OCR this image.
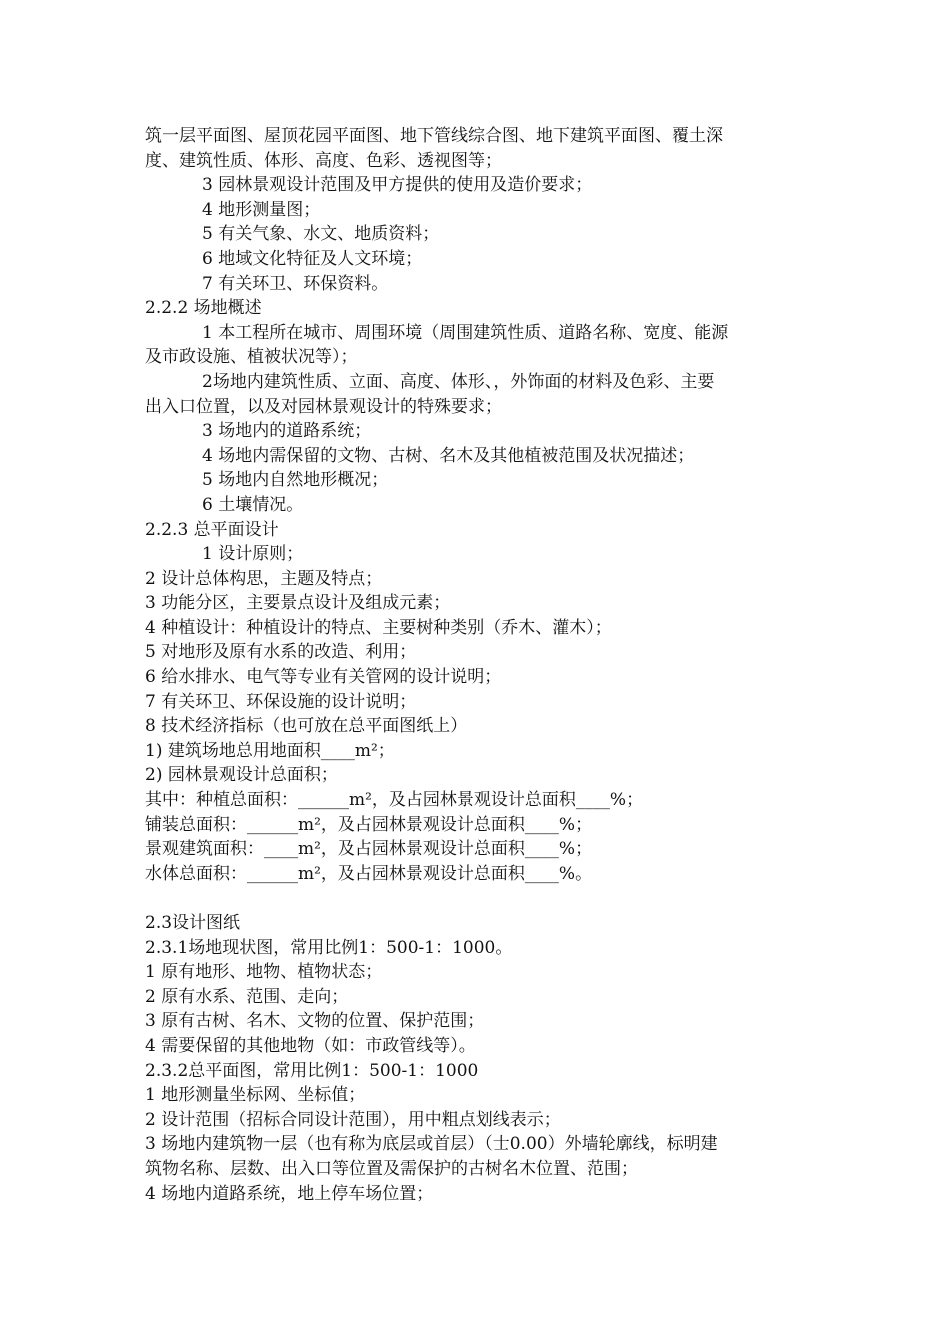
筑一层平面图、屋顶花园平面图、地下管线综合图、地下建筑平面图、覆土深
度、建筑性质、体形、高度、色彩、透视图等；
3 园林景观设计范围及甲方提供的使用及造价要求；
4 地形测量图；
5 有关气象、水文、地质资料；
6 地域文化特征及人文环境；
7 有关环卫、环保资料。
2.2.2 场地概述
1 本工程所在城市、周围环境（周围建筑性质、道路名称、宽度、能源
及市政设施、植被状况等）；
2场地内建筑性质、立面、高度、体形、，外饰面的材料及色彩、主要
出入口位置，以及对园林景观设计的特殊要求；
3 场地内的道路系统；
4 场地内需保留的文物、古树、名木及其他植被范围及状况描述；
5 场地内自然地形概况；
6 土壤情况。
2.2.3 总平面设计
1 设计原则；
2 设计总体构思，主题及特点；
3 功能分区，主要景点设计及组成元素；
4 种植设计：种植设计的特点、主要树种类别（乔木、灌木）；
5 对地形及原有水系的改造、利用；
6 给水排水、电气等专业有关管网的设计说明；
7 有关环卫、环保设施的设计说明；
8 技术经济指标（也可放在总平面图纸上）
1) 建筑场地总用地面积____m²；
2) 园林景观设计总面积；
其中：种植总面积：______m²，及占园林景观设计总面积____%；
铺装总面积：______m²，及占园林景观设计总面积____%；
景观建筑面积：____m²，及占园林景观设计总面积____%；
水体总面积：______m²，及占园林景观设计总面积____%。
2.3设计图纸
2.3.1场地现状图，常用比例1：500-1：1000。
1 原有地形、地物、植物状态；
2 原有水系、范围、走向；
3 原有古树、名木、文物的位置、保护范围；
4 需要保留的其他地物（如：市政管线等）。
2.3.2总平面图，常用比例1：500-1：1000
1 地形测量坐标网、坐标值；
2 设计范围（招标合同设计范围），用中粗点划线表示；
3 场地内建筑物一层（也有称为底层或首层）（士0.00）外墙轮廓线，标明建
筑物名称、层数、出入口等位置及需保护的古树名木位置、范围；
4 场地内道路系统，地上停车场位置；
